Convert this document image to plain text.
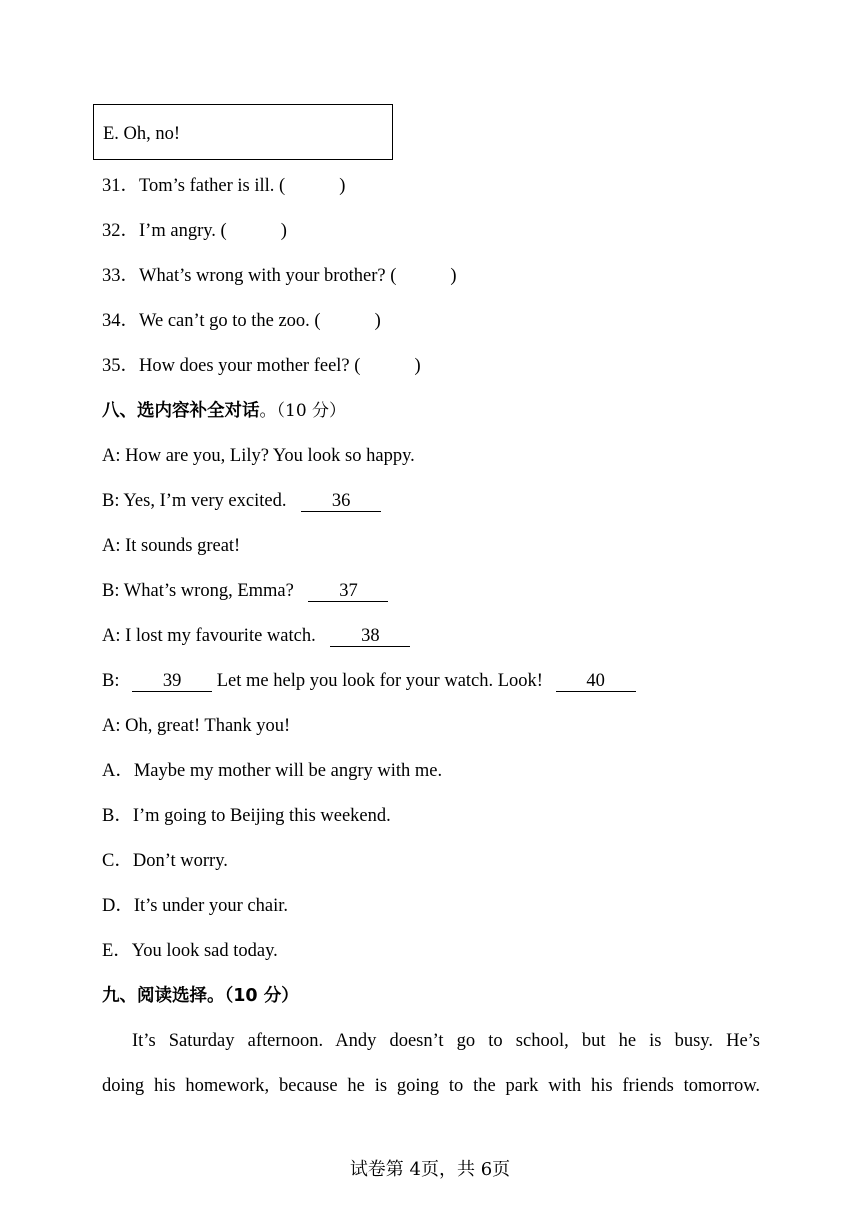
E. Oh, no!
31．Tom’s father is ill. (	)
32．I’m angry. (	)
33．What’s wrong with your brother? (	)
34．We can’t go to the zoo. (	)
35．How does your mother feel? (	)
八、选内容补全对话。（10 分）
A: How are you, Lily? You look so happy.
B: Yes, I’m very excited. 36
A: It sounds great!
B: What’s wrong, Emma? 37
A: I lost my favourite watch. 38
B: 39 Let me help you look for your watch. Look! 40
A: Oh, great! Thank you!
A．Maybe my mother will be angry with me.
B．I’m going to Beijing this weekend.
C．Don’t worry.
D．It’s under your chair.
E．You look sad today.
九、阅读选择。（10 分）
It’s Saturday afternoon. Andy doesn’t go to school, but he is busy. He’s
doing his homework, because he is going to the park with his friends tomorrow.
试卷第 4页，共 6页
